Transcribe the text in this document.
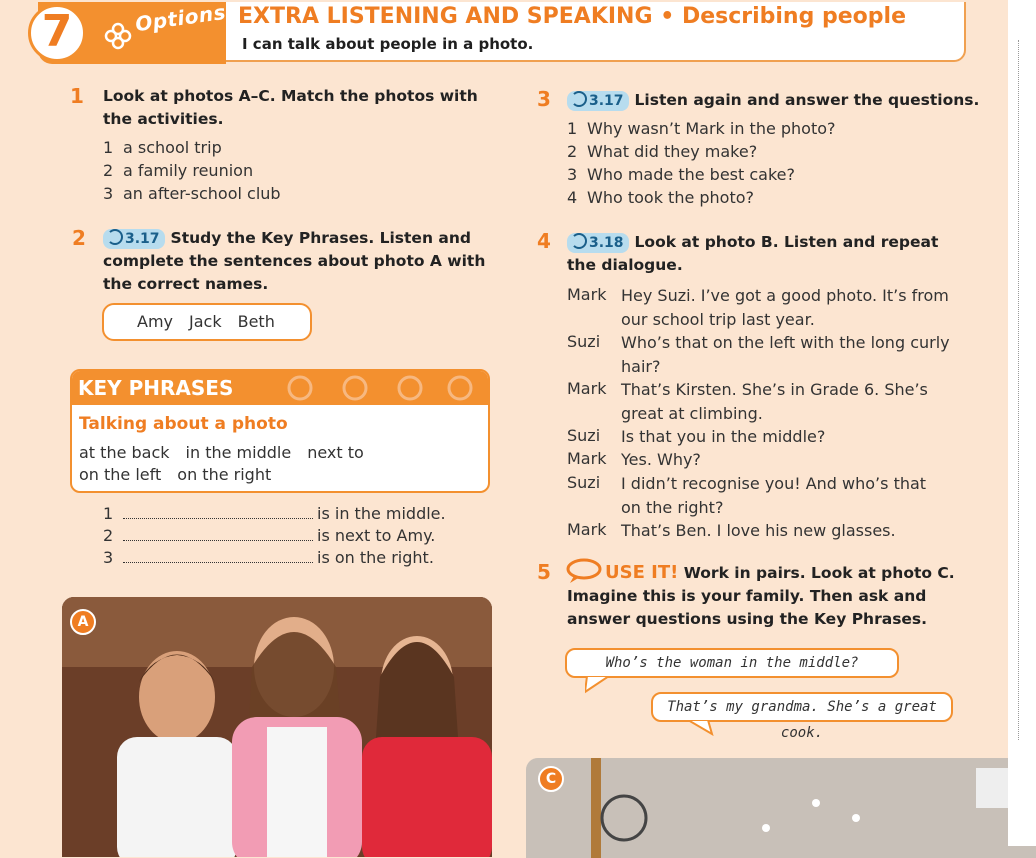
7	Options EXTRA LISTENING AND SPEAKING • Describing people
I can talk about people in a photo.
1 Look at photos A–C. Match the photos with the activities.
1 a school trip
2 a family reunion
3 an after-school club
2	3.17 Study the Key Phrases. Listen and complete the sentences about photo A with the correct names.
Amy Jack Beth
KEY PHRASES
Talking about a photo
at the back in the middle next to
on the left on the right
1	is in the middle.
2	is next to Amy.
3	is on the right.
A
3	3.17 Listen again and answer the questions.
1 Why wasn’t Mark in the photo?
2 What did they make?
3 Who made the best cake?
4 Who took the photo?
4	3.18 Look at photo B. Listen and repeat the dialogue.
Mark Hey Suzi. I’ve got a good photo. It’s from our school trip last year.
Suzi Who’s that on the left with the long curly hair?
Mark That’s Kirsten. She’s in Grade 6. She’s great at climbing.
Suzi Is that you in the middle?
Mark Yes. Why?
Suzi I didn’t recognise you! And who’s that on the right?
Mark That’s Ben. I love his new glasses.
5	USE IT! Work in pairs. Look at photo C. Imagine this is your family. Then ask and answer questions using the Key Phrases.
Who’s the woman in the middle?
That’s my grandma. She’s a great cook.
C
